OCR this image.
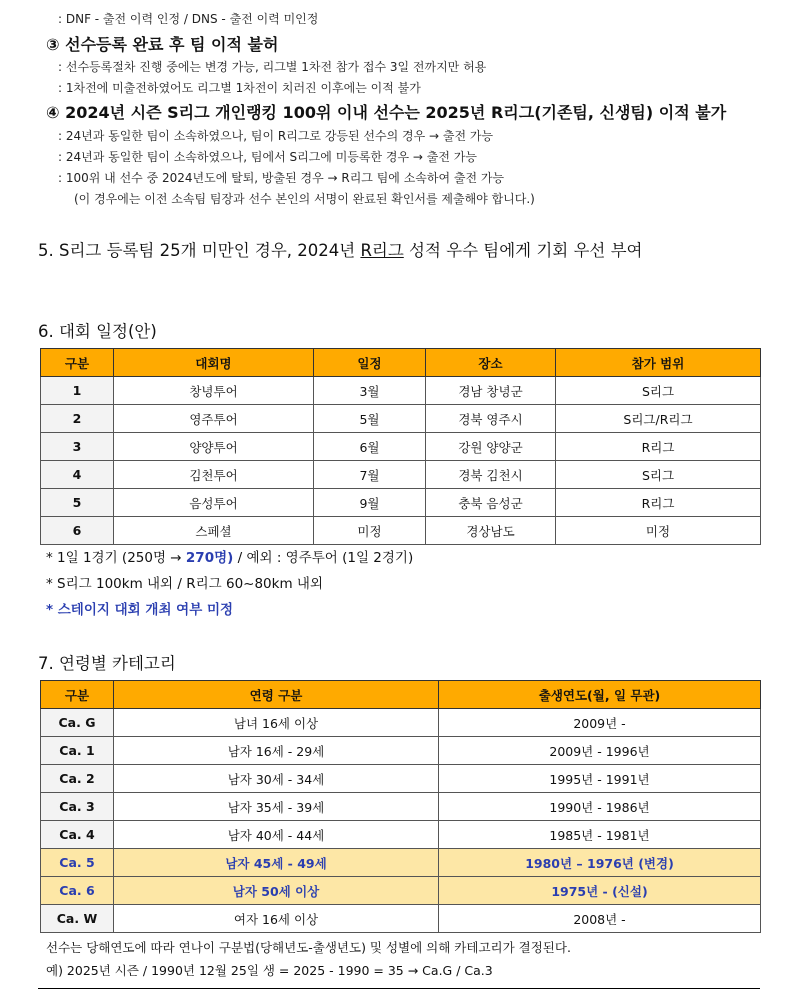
: DNF - 출전 이력 인정 / DNS - 출전 이력 미인정
③ 선수등록 완료 후 팀 이적 불허
: 선수등록절차 진행 중에는 변경 가능, 리그별 1차전 참가 접수 3일 전까지만 허용
: 1차전에 미출전하였어도 리그별 1차전이 치러진 이후에는 이적 불가
④ 2024년 시즌 S리그 개인랭킹 100위 이내 선수는 2025년 R리그(기존팀, 신생팀) 이적 불가
: 24년과 동일한 팀이 소속하였으나, 팀이 R리그로 강등된 선수의 경우 → 출전 가능
: 24년과 동일한 팀이 소속하였으나, 팀에서 S리그에 미등록한 경우 → 출전 가능
: 100위 내 선수 중 2024년도에 탈퇴, 방출된 경우 → R리그 팀에 소속하여 출전 가능
(이 경우에는 이전 소속팀 팀장과 선수 본인의 서명이 완료된 확인서를 제출해야 합니다.)
5. S리그 등록팀 25개 미만인 경우, 2024년 R리그 성적 우수 팀에게 기회 우선 부여
6. 대회 일정(안)
구분	대회명	일정	장소	참가 범위
1	창녕투어	3월	경남 창녕군	S리그
2	영주투어	5월	경북 영주시	S리그/R리그
3	양양투어	6월	강원 양양군	R리그
4	김천투어	7월	경북 김천시	S리그
5	음성투어	9월	충북 음성군	R리그
6	스페셜	미정	경상남도	미정
* 1일 1경기 (250명 → 270명) / 예외 : 영주투어 (1일 2경기)
* S리그 100km 내외 / R리그 60~80km 내외
* 스테이지 대회 개최 여부 미정
7. 연령별 카테고리
구분	연령 구분	출생연도(월, 일 무관)
Ca. G	남녀 16세 이상	2009년 -
Ca. 1	남자 16세 - 29세	2009년 - 1996년
Ca. 2	남자 30세 - 34세	1995년 - 1991년
Ca. 3	남자 35세 - 39세	1990년 - 1986년
Ca. 4	남자 40세 - 44세	1985년 - 1981년
Ca. 5	남자 45세 - 49세	1980년 – 1976년 (변경)
Ca. 6	남자 50세 이상	1975년 - (신설)
Ca. W	여자 16세 이상	2008년 -
선수는 당해연도에 따라 연나이 구분법(당해년도-출생년도) 및 성별에 의해 카테고리가 결정된다.
예) 2025년 시즌 / 1990년 12월 25일 생 = 2025 - 1990 = 35 → Ca.G / Ca.3
